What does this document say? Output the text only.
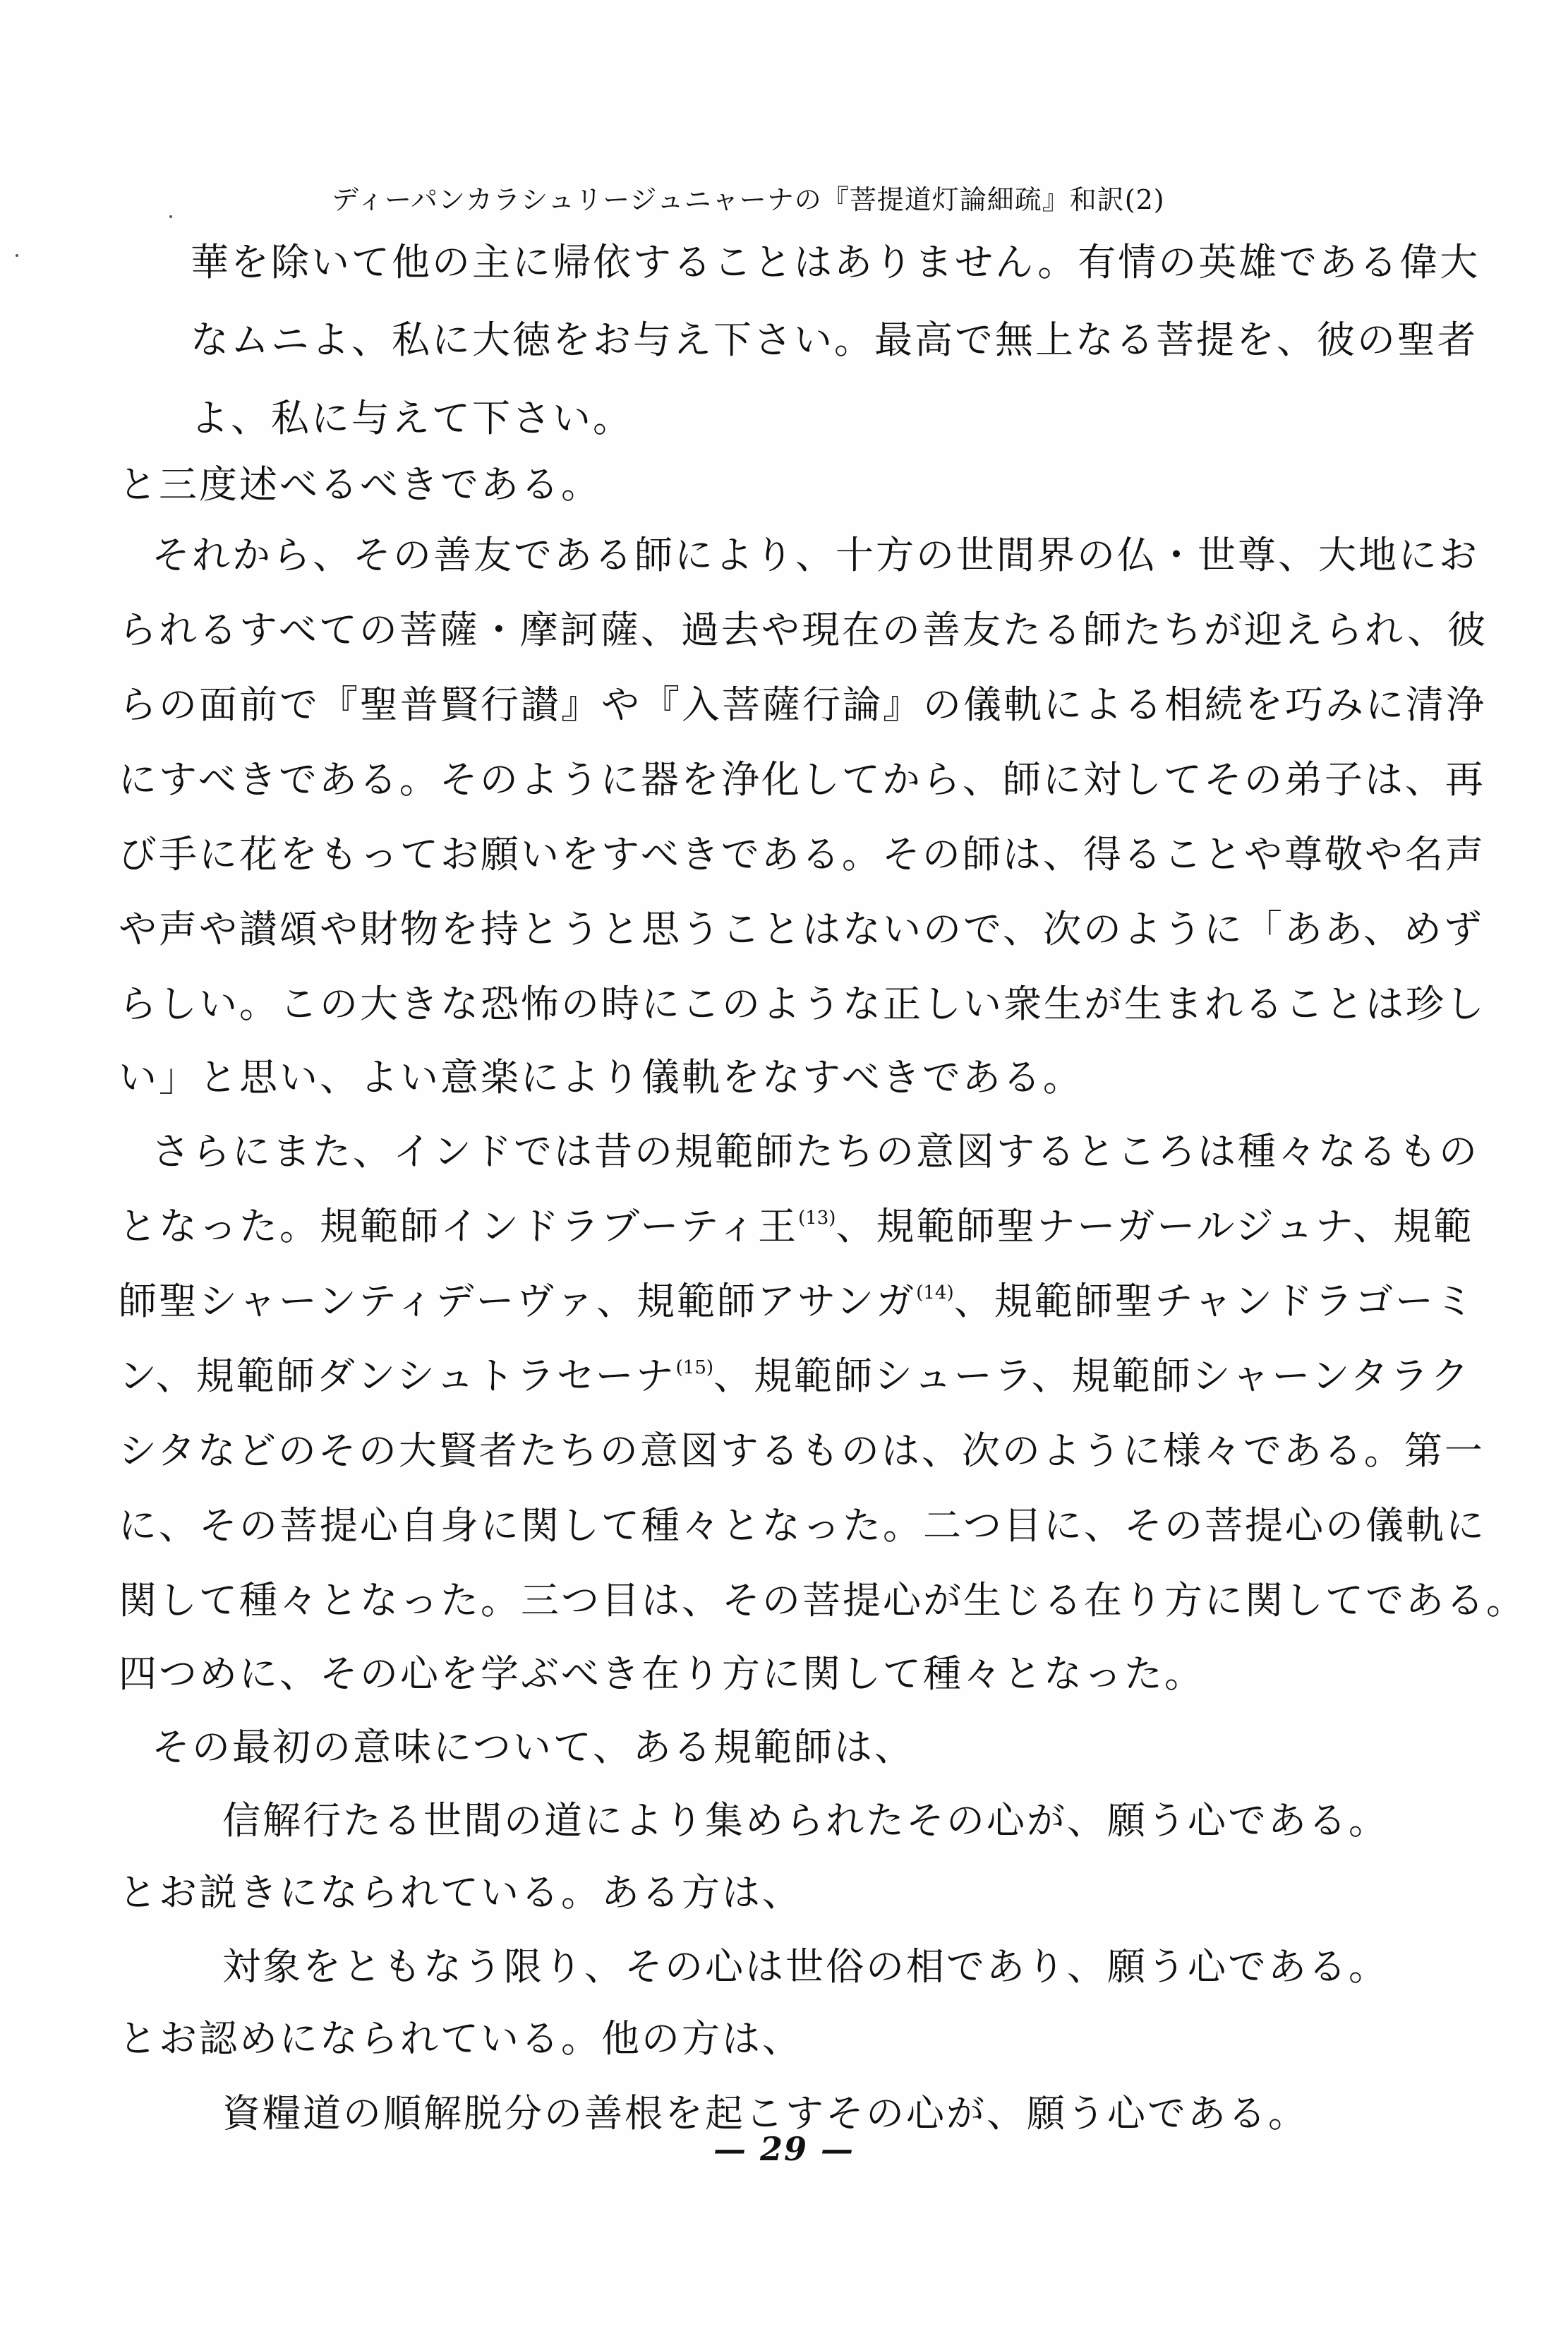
ディーパンカラシュリージュニャーナの『菩提道灯論細疏』和訳(2)
華を除いて他の主に帰依することはありません。有情の英雄である偉大
なムニよ、私に大徳をお与え下さい。最高で無上なる菩提を、彼の聖者
よ、私に与えて下さい。
と三度述べるべきである。
それから、その善友である師により、十方の世間界の仏・世尊、大地にお
られるすべての菩薩・摩訶薩、過去や現在の善友たる師たちが迎えられ、彼
らの面前で『聖普賢行讃』や『入菩薩行論』の儀軌による相続を巧みに清浄
にすべきである。そのように器を浄化してから、師に対してその弟子は、再
び手に花をもってお願いをすべきである。その師は、得ることや尊敬や名声
や声や讃頌や財物を持とうと思うことはないので、次のように「ああ、めず
らしい。この大きな恐怖の時にこのような正しい衆生が生まれることは珍し
い」と思い、よい意楽により儀軌をなすべきである。
さらにまた、インドでは昔の規範師たちの意図するところは種々なるもの
となった。規範師インドラブーティ王$^{(13)}$、規範師聖ナーガールジュナ、規範
師聖シャーンティデーヴァ、規範師アサンガ$^{(14)}$、規範師聖チャンドラゴーミ
ン、規範師ダンシュトラセーナ$^{(15)}$、規範師シューラ、規範師シャーンタラク
シタなどのその大賢者たちの意図するものは、次のように様々である。第一
に、その菩提心自身に関して種々となった。二つ目に、その菩提心の儀軌に
関して種々となった。三つ目は、その菩提心が生じる在り方に関してである。
四つめに、その心を学ぶべき在り方に関して種々となった。
その最初の意味について、ある規範師は、
信解行たる世間の道により集められたその心が、願う心である。
とお説きになられている。ある方は、
対象をともなう限り、その心は世俗の相であり、願う心である。
とお認めになられている。他の方は、
資糧道の順解脱分の善根を起こすその心が、願う心である。
— 29 —
